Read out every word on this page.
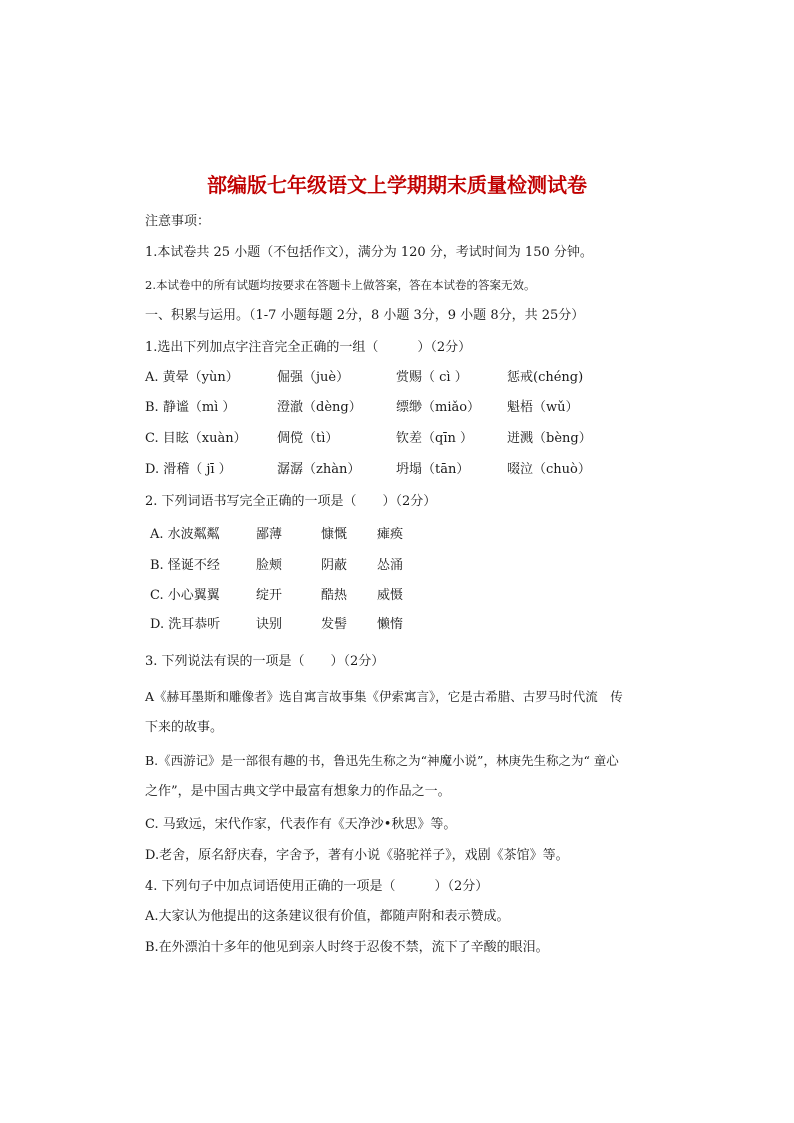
部编版七年级语文上学期期末质量检测试卷
注意事项：
1.本试卷共 25 小题（不包括作文），满分为 120 分，考试时间为 150 分钟。
2.本试卷中的所有试题均按要求在答题卡上做答案，答在本试卷的答案无效。
一、积累与运用。（1-7 小题每题 2分，8 小题 3分，9 小题 8分，共 25分）
1.选出下列加点字注音完全正确的一组（　　　）（2分）
A. 黄晕（yùn）	倔强（juè）	赏赐（ cì ）	惩戒(chéng)
B. 静谧（mì ）	澄澈（dèng）	缥缈（miǎo） 魁梧（wǔ）
C. 目眩（xuàn） 倜傥（tì）	钦差（qīn ）	迸溅（bèng）
D. 滑稽（ jī ）	潺潺（zhàn）	坍塌（tān）	啜泣（chuò）
2. 下列词语书写完全正确的一项是（　　）（2分）
A. 水波粼粼	鄙薄	慷慨 瘫痪
B. 怪诞不经	脸颊	阴蔽 怂涌
C. 小心翼翼	绽开	酷热 威慑
D. 洗耳恭听	诀别	发髻 懒惰
3. 下列说法有误的一项是（　　）（2分）
A《赫耳墨斯和雕像者》选自寓言故事集《伊索寓言》，它是古希腊、古罗马时代流　传
下来的故事。
B.《西游记》是一部很有趣的书，鲁迅先生称之为“神魔小说”，林庚先生称之为“ 童心
之作”，是中国古典文学中最富有想象力的作品之一。
C. 马致远，宋代作家，代表作有《天净沙•秋思》等。
D.老舍，原名舒庆春，字舍予，著有小说《骆驼祥子》，戏剧《茶馆》等。
4. 下列句子中加点词语使用正确的一项是（　　　）（2分）
A.大家认为他提出的这条建议很有价值，都随声附和表示赞成。
B.在外漂泊十多年的他见到亲人时终于忍俊不禁，流下了辛酸的眼泪。
